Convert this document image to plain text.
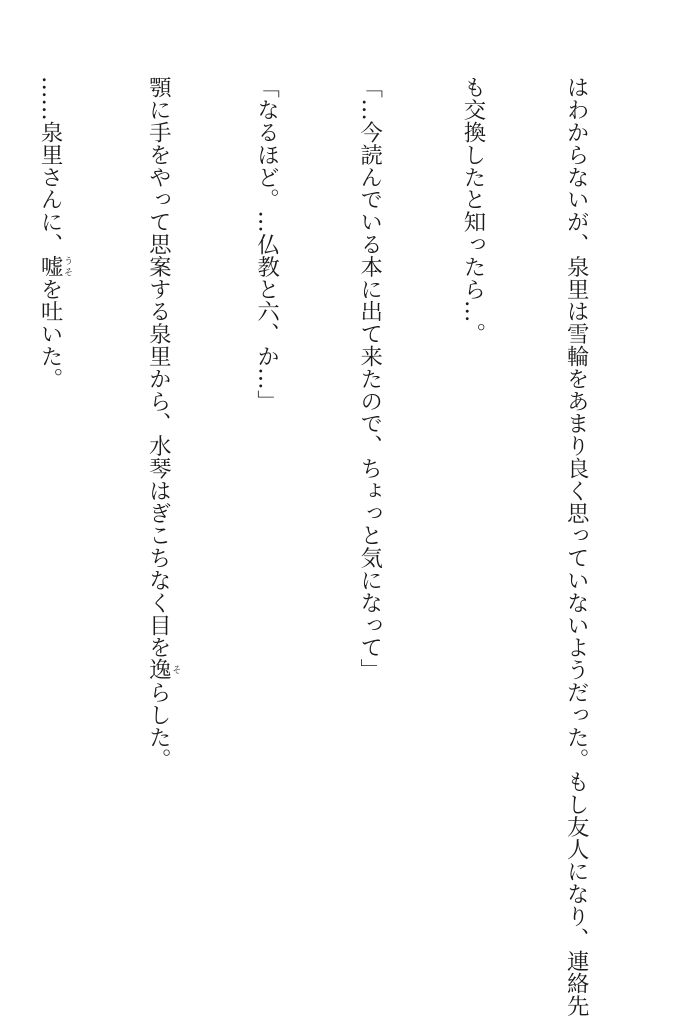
はわからないが、泉里は雪輪をあまり良く思っていないようだった。もし友人になり、連絡先

も交換したと知ったら…。

「…今読んでいる本に出て来たので、ちょっと気になって」

「なるほど。…仏教と六、か…」

顎に手をやって思案する泉里から、水琴はぎこちなく目を逸 そらした。

……泉里さんに、嘘 うそを吐いた。
